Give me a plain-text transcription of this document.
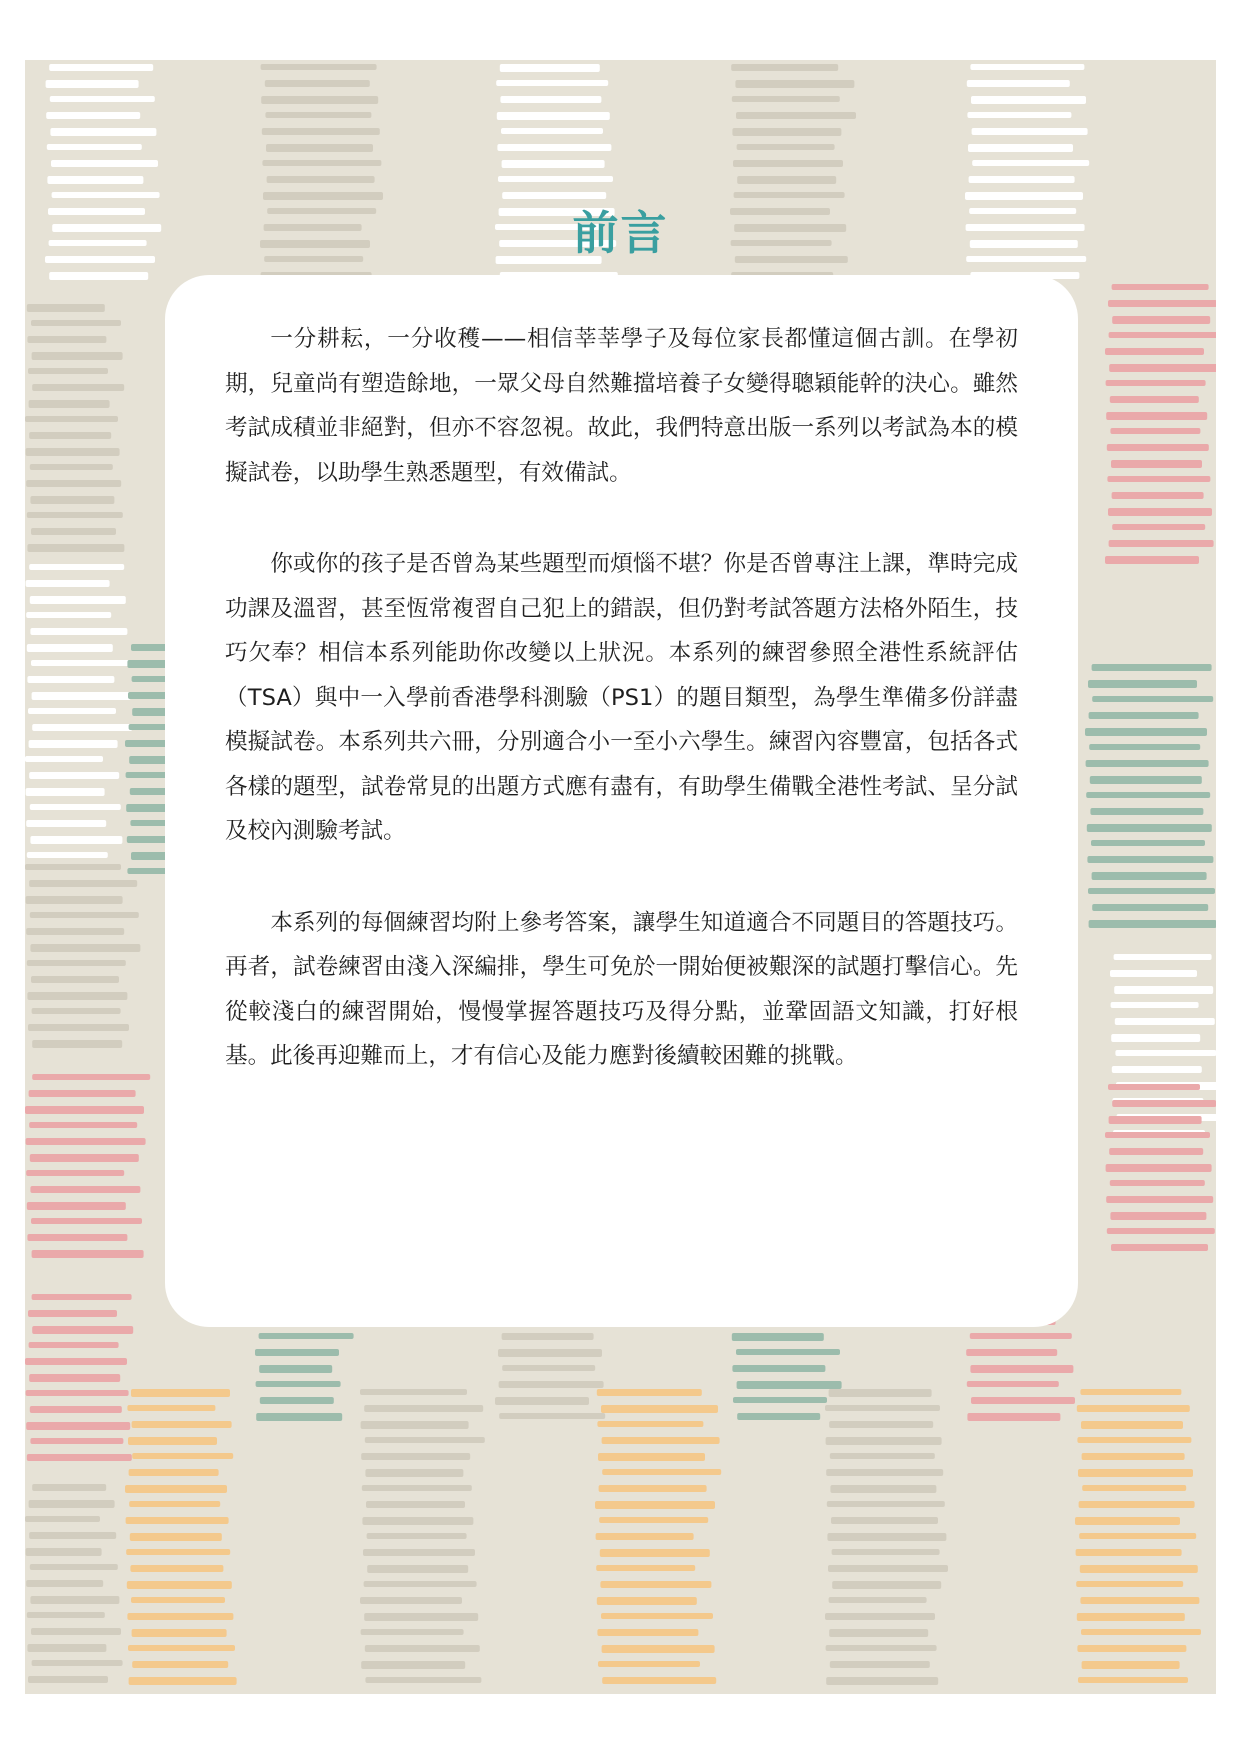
前言

一分耕耘，一分收穫——相信莘莘學子及每位家長都懂這個古訓。在學初期，兒童尚有塑造餘地，一眾父母自然難擋培養子女變得聰穎能幹的決心。雖然考試成積並非絕對，但亦不容忽視。故此，我們特意出版一系列以考試為本的模擬試卷，以助學生熟悉題型，有效備試。

你或你的孩子是否曾為某些題型而煩惱不堪？你是否曾專注上課，準時完成功課及溫習，甚至恆常複習自己犯上的錯誤，但仍對考試答題方法格外陌生，技巧欠奉？相信本系列能助你改變以上狀況。本系列的練習參照全港性系統評估（TSA）與中一入學前香港學科測驗（PS1）的題目類型，為學生準備多份詳盡模擬試卷。本系列共六冊，分別適合小一至小六學生。練習內容豐富，包括各式各樣的題型，試卷常見的出題方式應有盡有，有助學生備戰全港性考試、呈分試及校內測驗考試。

本系列的每個練習均附上參考答案，讓學生知道適合不同題目的答題技巧。再者，試卷練習由淺入深編排，學生可免於一開始便被艱深的試題打擊信心。先從較淺白的練習開始，慢慢掌握答題技巧及得分點，並鞏固語文知識，打好根基。此後再迎難而上，才有信心及能力應對後續較困難的挑戰。
